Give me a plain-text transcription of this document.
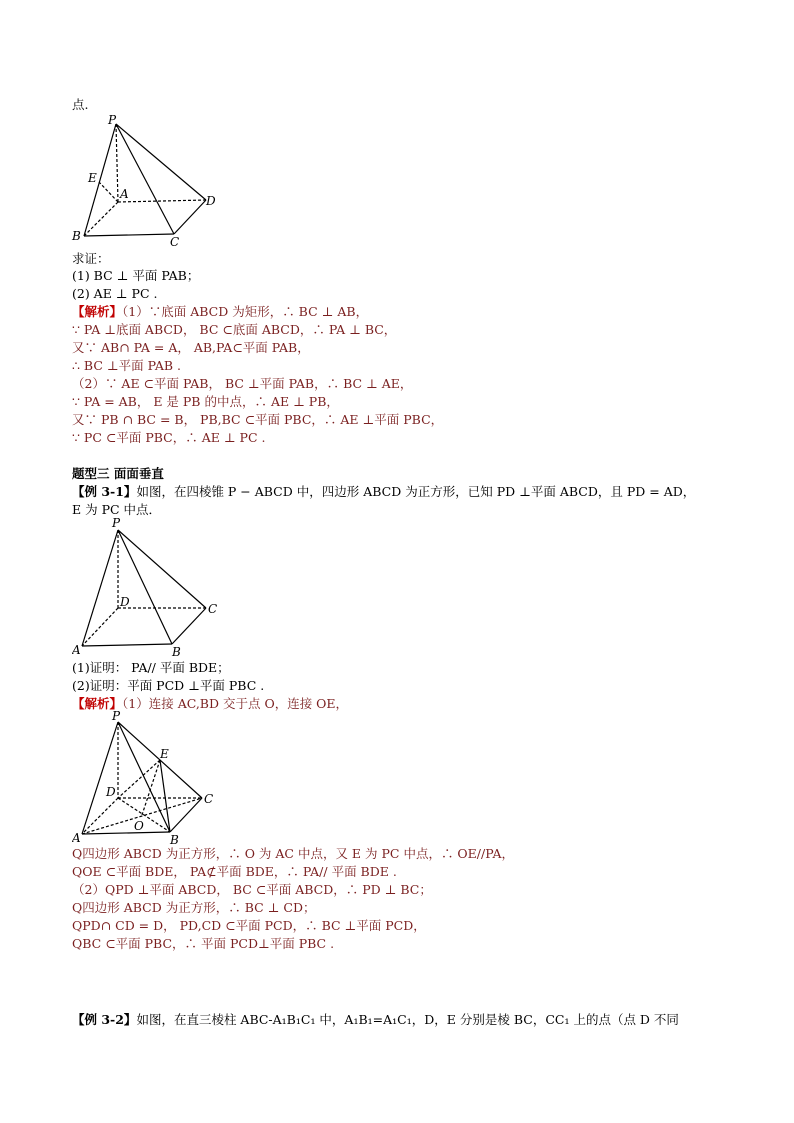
点.
P
E
A	D
B	C
求证：
(1) BC ⊥ 平面 PAB；
(2) AE ⊥ PC .
【解析】（1）∵底面 ABCD 为矩形，∴ BC ⊥ AB，
∵ PA ⊥底面 ABCD， BC ⊂底面 ABCD，∴ PA ⊥ BC，
又∵ AB∩ PA = A， AB,PA⊂平面 PAB，
∴ BC ⊥平面 PAB .
（2）∵ AE ⊂平面 PAB， BC ⊥平面 PAB，∴ BC ⊥ AE，
∵ PA = AB， E 是 PB 的中点，∴ AE ⊥ PB，
又∵ PB ∩ BC = B， PB,BC ⊂平面 PBC，∴ AE ⊥平面 PBC，
∵ PC ⊂平面 PBC，∴ AE ⊥ PC .
题型三 面面垂直
【例 3-1】如图，在四棱锥 P − ABCD 中，四边形 ABCD 为正方形，已知 PD ⊥平面 ABCD，且 PD = AD，
E 为 PC 中点．
P
D	C
A	B
(1)证明： PA// 平面 BDE；
(2)证明：平面 PCD ⊥平面 PBC .
【解析】（1）连接 AC,BD 交于点 O，连接 OE，
P
E
D	C
O
A	B
Q四边形 ABCD 为正方形，∴ O 为 AC 中点，又 E 为 PC 中点，∴ OE//PA，
QOE ⊂平面 BDE， PA⊄平面 BDE，∴ PA// 平面 BDE .
（2）QPD ⊥平面 ABCD， BC ⊂平面 ABCD，∴ PD ⊥ BC；
Q四边形 ABCD 为正方形，∴ BC ⊥ CD；
QPD∩ CD = D， PD,CD ⊂平面 PCD，∴ BC ⊥平面 PCD，
QBC ⊂平面 PBC，∴ 平面 PCD⊥平面 PBC .
【例 3-2】如图，在直三棱柱 ABC-A₁B₁C₁ 中，A₁B₁=A₁C₁，D，E 分别是棱 BC，CC₁ 上的点（点 D 不同
